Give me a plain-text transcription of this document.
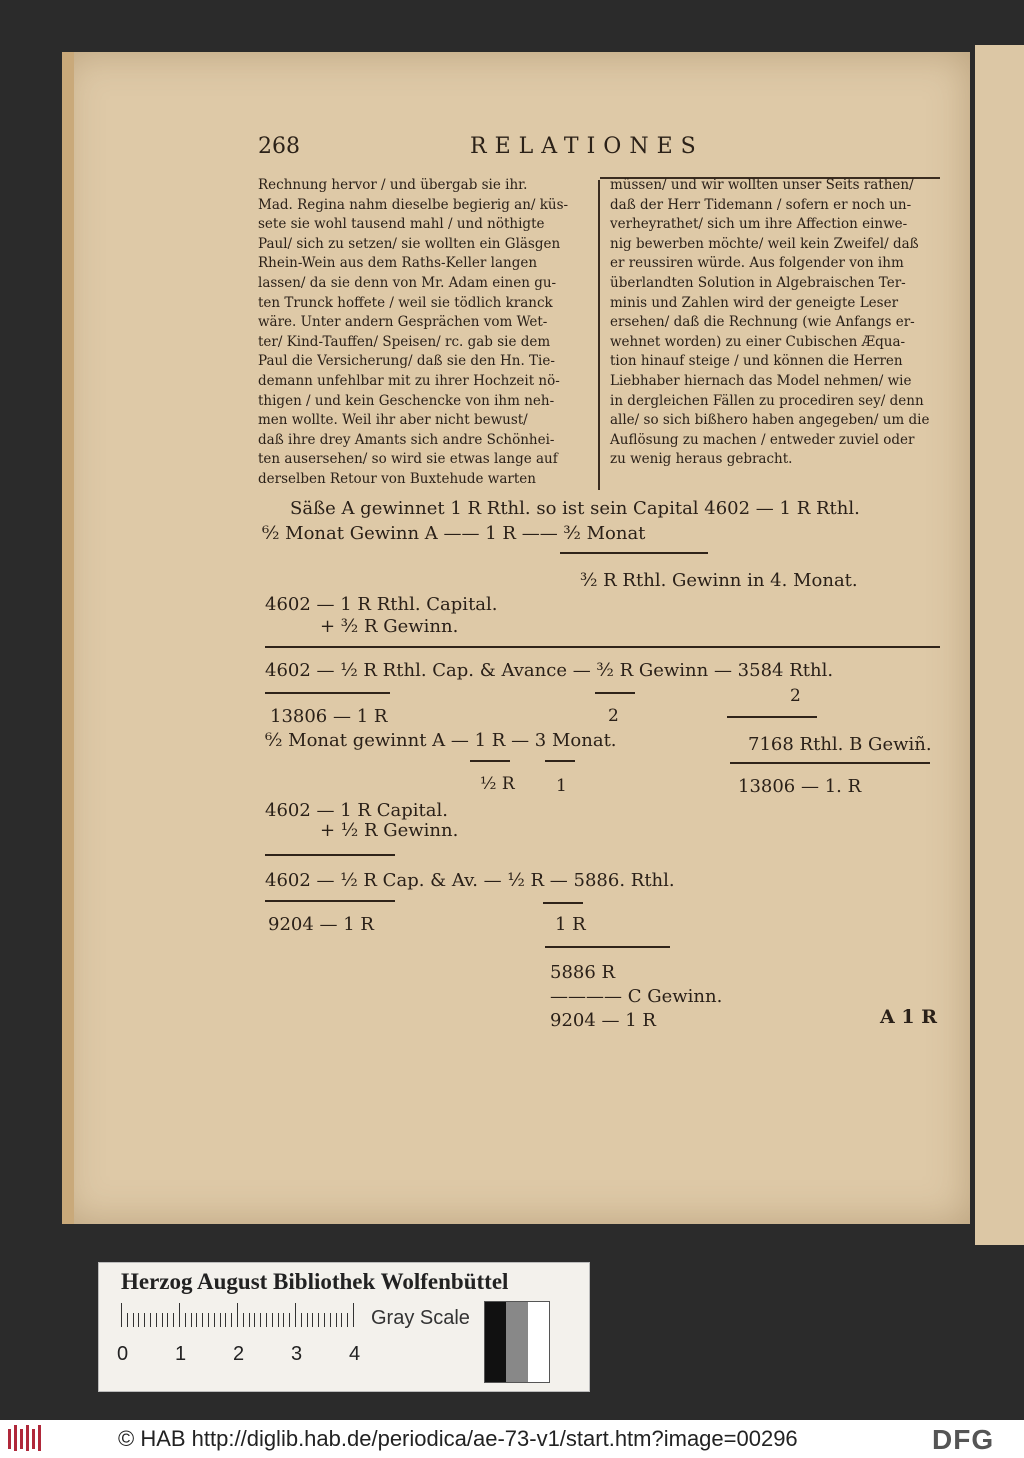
268	RELATIONES
Rechnung hervor / und übergab sie ihr.
Mad. Regina nahm dieselbe begierig an/ küs-
sete sie wohl tausend mahl / und nöthigte
Paul/ sich zu setzen/ sie wollten ein Gläsgen
Rhein-Wein aus dem Raths-Keller langen
lassen/ da sie denn von Mr. Adam einen gu-
ten Trunck hoffete / weil sie tödlich kranck
wäre. Unter andern Gesprächen vom Wet-
ter/ Kind-Tauffen/ Speisen/ rc. gab sie dem
Paul die Versicherung/ daß sie den Hn. Tie-
demann unfehlbar mit zu ihrer Hochzeit nö-
thigen / und kein Geschencke von ihm neh-
men wollte. Weil ihr aber nicht bewust/
daß ihre drey Amants sich andre Schönhei-
ten ausersehen/ so wird sie etwas lange auf
derselben Retour von Buxtehude warten
müssen/ und wir wollten unser Seits rathen/
daß der Herr Tidemann / sofern er noch un-
verheyrathet/ sich um ihre Affection einwe-
nig bewerben möchte/ weil kein Zweifel/ daß
er reussiren würde. Aus folgender von ihm
überlandten Solution in Algebraischen Ter-
minis und Zahlen wird der geneigte Leser
ersehen/ daß die Rechnung (wie Anfangs er-
wehnet worden) zu einer Cubischen Æqua-
tion hinauf steige / und können die Herren
Liebhaber hiernach das Model nehmen/ wie
in dergleichen Fällen zu procediren sey/ denn
alle/ so sich bißhero haben angegeben/ um die
Auflösung zu machen / entweder zuviel oder
zu wenig heraus gebracht.
Säße A gewinnet 1 R Rthl. so ist sein Capital 4602 — 1 R Rthl.
⁶⁄₂ Monat Gewinn A —— 1 R —— ³⁄₂ Monat
³⁄₂ R Rthl. Gewinn in 4. Monat.
4602 — 1 R Rthl. Capital.
+ ³⁄₂ R Gewinn.
4602 — ¹⁄₂ R Rthl. Cap. & Avance — ³⁄₂ R Gewinn — 3584 Rthl.
2
2
13806 — 1 R
⁶⁄₂ Monat gewinnt A — 1 R — 3 Monat.	7168 Rthl. B Gewiñ.
¹⁄₂ R 1	13806 — 1. R
4602 — 1 R Capital.
+ ¹⁄₂ R Gewinn.
4602 — ¹⁄₂ R Cap. & Av. — ¹⁄₂ R — 5886. Rthl.
9204 — 1 R	1 R
5886 R
———— C Gewinn.
9204 — 1 R	A 1 R
Herzog August Bibliothek Wolfenbüttel
0 1 2 3 4
Gray Scale
© HAB http://diglib.hab.de/periodica/ae-73-v1/start.htm?image=00296	DFG
